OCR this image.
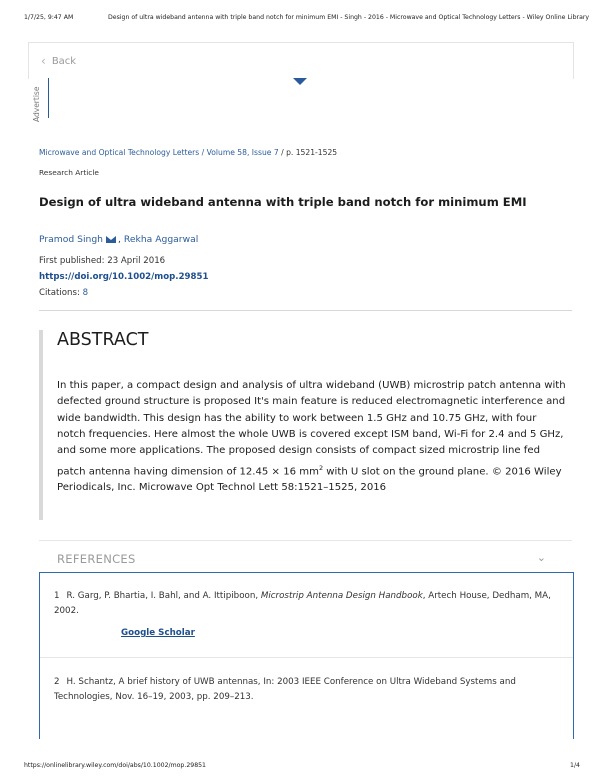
1/7/25, 9:47 AM	Design of ultra wideband antenna with triple band notch for minimum EMI - Singh - 2016 - Microwave and Optical Technology Letters - Wiley Online Library
‹ Back
Advertise
Microwave and Optical Technology Letters / Volume 58, Issue 7 / p. 1521-1525
Research Article
Design of ultra wideband antenna with triple band notch for minimum EMI
Pramod Singh , Rekha Aggarwal
First published: 23 April 2016
https://doi.org/10.1002/mop.29851
Citations: 8
ABSTRACT

In this paper, a compact design and analysis of ultra wideband (UWB) microstrip patch antenna with defected ground structure is proposed It's main feature is reduced electromagnetic interference and wide bandwidth. This design has the ability to work between 1.5 GHz and 10.75 GHz, with four notch frequencies. Here almost the whole UWB is covered except ISM band, Wi-Fi for 2.4 and 5 GHz, and some more applications. The proposed design consists of compact sized microstrip line fed patch antenna having dimension of 12.45 × 16 $mm^2$ with U slot on the ground plane. © 2016 Wiley Periodicals, Inc. Microwave Opt Technol Lett 58:1521–1525, 2016

REFERENCES	⌄
1 R. Garg, P. Bhartia, I. Bahl, and A. Ittipiboon, Microstrip Antenna Design Handbook, Artech House, Dedham, MA, 2002.
Google Scholar
2 H. Schantz, A brief history of UWB antennas, In: 2003 IEEE Conference on Ultra Wideband Systems and Technologies, Nov. 16–19, 2003, pp. 209–213.
https://onlinelibrary.wiley.com/doi/abs/10.1002/mop.29851	1/4
